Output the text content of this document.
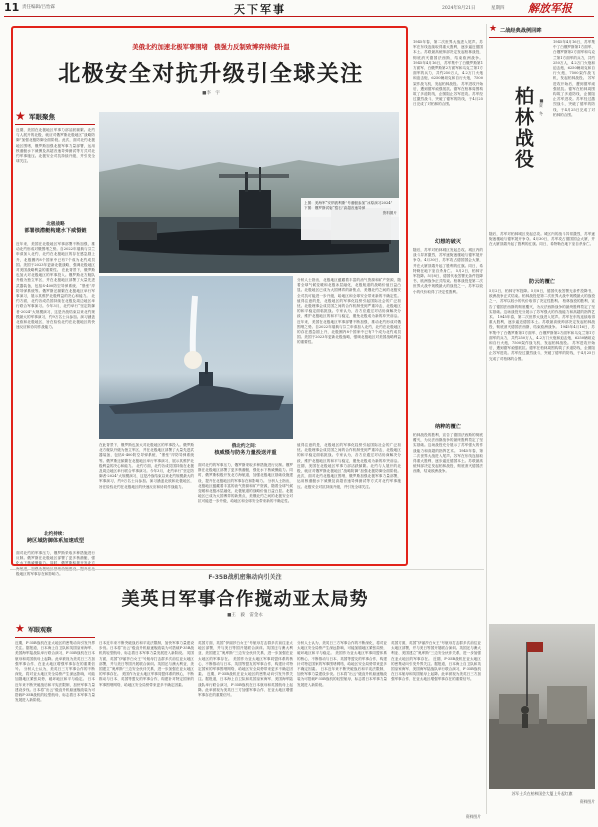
11 责任编辑/吕怡霖	天下军事	2024年8月21日	星期四 解放军报
美俄北约加速北极军事围堵　俄强力反制致博弈持续升温
北极安全对抗升级引全球关注
■李　宇
★ 军眼聚焦
近期，美国在北极地区军事力部活跃频繁。北约与人展开的北极，就应对俄罗斯北极地区“战略防御”加强北极防御全面阶段。此次，面对北约北极地区围堵，俄罗斯加强北极军事力量部署，运用核潜艇水下威慑及高超音速导弹测试等方式对北约军事施压。北极安全对抗持续升级，并引发全球关注。
北极战略
部署核潜艇构建水下威慑链
近年来，美国在北极地区军事部署不断加强，推动北约形成对俄围堵之势。自2022年瑞典与芬兰申请加入北约，北约在北极地区的存在感急剧上升，北极圈内8个国家中已有7个成为北约成员国。美国于2023年更新北极战略，强调北极地区对美国战略利益的重要性。 在此背景下，俄罗斯也加大对北极地区的军事投入。俄罗斯北方舰队升级为独立军区，并在北极地区部署了大量先进武器装备，包括S-400防空导弹系统、“堡垒”岸防导弹系统等。俄罗斯还频繁在北极地区举行军事演习，展示其维护北极利益的决心和能力。 北约方面，北约各成员国持续在北极及周边地区举行联合军事演习。今年3月，北约举行“坚定防御者-2024”大规模演习，这是冷战结束以来北约规模最大的军事演习，约9万名士兵参加。演习涵盖北欧和北极地区，旨在检验北约在北极地区的快速反应和协同作战能力。
北约持续：
跨区域防御体系加速成型
面对北约的军事压力，俄罗斯采取多种措施进行反制。俄罗斯在北极地区部署了更多核潜艇，强化水下核威慑能力。同时，俄罗斯积极开发北方 极地区的军事存在和影响力。
上图：美海军“安纳波利斯”号潜艇参加“冰原演习2024”
下图：俄罗斯试射“锆石”高超音速导弹
资料图片
分析人士指出，北极地区蕴藏着丰富的油气资源和矿产资源，随着全球气候变暖和北极冰层融化，北极航道的战略价值日益凸显。北极地区已成为大国博弈的新焦点，美俄北约之间的北极安全对抗可能进一步升级，给地区和全球安全带来新的不确定性。 值得注意的是，北极地区的军事化趋势引起国际社会的广泛担忧。北极理事会成员国之间的合作机制受到严重冲击，北极地区的和平稳定面临挑战。专家认为，各方应通过对话协商解决分歧，维护北极地区的和平与稳定，避免北极成为新的冲突前沿。 近年来，美国在北极地区军事部署不断加强，推动北约形成对俄围堵之势。自2022年瑞典与芬兰申请加入北约，北约在北极地区的存在感急剧上升，北极圈内8个国家中已有7个成为北约成员国。美国于2023年更新北极战略，强调北极地区对美国战略利益的重要性。
在此背景下，俄罗斯也加大对北极地区的军事投入。俄罗斯北方舰队升级为独立军区，并在北极地区部署了大量先进武器装备，包括S-400防空导弹系统、“堡垒”岸防导弹系统等。俄罗斯还频繁在北极地区举行军事演习，展示其维护北极利益的决心和能力。 北约方面，北约各成员国持续在北极及周边地区举行联合军事演习。今年3月，北约举行“坚定防御者-2024”大规模演习，这是冷战结束以来北约规模最大的军事演习，约9万名士兵参加。演习涵盖北欧和北极地区，旨在检验北约在北极地区的快速反应和协同作战能力。
俄北约之间：
核威慑与防务力量投送并重
面对北约的军事压力，俄罗斯采取多种措施进行反制。俄罗斯在北极地区部署了更多核潜艇，强化水下核威慑能力。同时，俄罗斯积极开发北方海航道，加强北极地区基础设施建设，提升在北极地区的军事存在和影响力。 分析人士指出，北极地区蕴藏着丰富的油气资源和矿产资源，随着全球气候变暖和北极冰层融化，北极航道的战略价值日益凸显。北极地区已成为大国博弈的新焦点，美俄北约之间的北极安全对抗可能进一步升级，给地区和全球安全带来新的不确定性。
值得注意的是，北极地区的军事化趋势引起国际社会的广泛担忧。北极理事会成员国之间的合作机制受到严重冲击，北极地区的和平稳定面临挑战。专家认为，各方应通过对话协商解决分歧，维护北极地区的和平与稳定，避免北极成为新的冲突前沿。 近期，美国在北极地区军事力部活跃频繁。北约与人展开的北极，就应对俄罗斯北极地区“战略防御”加强北极防御全面阶段。此次，面对北约北极地区围堵，俄罗斯加强北极军事力量部署，运用核潜艇水下威慑及高超音速导弹测试等方式对北约军事施压。北极安全对抗持续升级，并引发全球关注。
1945年春，第二次世界大战进入尾声。苏军在东线连续取得重大胜利，逐步逼近德国本土。苏联最高统帅部决定发起柏林战役，彻底消灭德国法西斯，结束欧洲战争。 1945年4月16日，苏军集中了白俄罗斯第1方面军、白俄罗斯第2方面军和乌克兰第1方面军的兵力，共约250万人，4.2万门火炮和迫击炮，6250辆坦克和自行火炮，7500架作战飞机，发起柏林战役。 苏军进攻开始后，遭到德军顽强抵抗。德军在柏林周围构筑了多道防线，企图阻止苏军进攻。苏军经过激烈战斗，突破了德军的防线，于4月25日完成了对柏林的合围。
幻想的破灭
随后，苏军对柏林城区发起总攻。城区内的战斗异常激烈，苏军逐街逐楼地与德军展开争夺。4月30日，苏军攻占德国国会大厦，并在大厦顶端升起了胜利的红旗。同日，希特勒在地下室自杀身亡。 5月2日，柏林守军投降。5月8日，德国代表签署无条件投降书，欧洲战争正式结束。柏林战役是第二次世界大战中规模最大的战役之一，苏军以较小的代价取得了决定性胜利。
纳粹的覆亡
柏林战役的胜利，宣告了德国法西斯的彻底覆灭，为反法西斯战争的最终胜利奠定了坚实基础。这场战役充分展示了苏军强大的作战能力和高超的指挥艺术。 1945年春，第二次世界大战进入尾声。苏军在东线连续取得重大胜利，逐步逼近德国本土。苏联最高统帅部决定发起柏林战役，彻底消灭德国法西斯，结束欧洲战争。
★ 二战经典战例回眸
柏林战役 ■夏　冬
1945年4月16日，苏军集中了白俄罗斯第1方面军、白俄罗斯第2方面军和乌克兰第1方面军的兵力，共约250万人，4.2万门火炮和迫击炮，6250辆坦克和自行火炮，7500架作战飞机，发起柏林战役。 苏军进攻开始后，遭到德军顽强抵抗。德军在柏林周围构筑了多道防线，企图阻止苏军进攻。苏军经过激烈战斗，突破了德军的防线，于4月25日完成了对柏林的合围。
随后，苏军对柏林城区发起总攻。城区内的战斗异常激烈，苏军逐街逐楼地与德军展开争夺。4月30日，苏军攻占德国国会大厦，并在大厦顶端升起了胜利的红旗。同日，希特勒在地下室自杀身亡。
防云的覆亡
5月2日，柏林守军投降。5月8日，德国代表签署无条件投降书，欧洲战争正式结束。柏林战役是第二次世界大战中规模最大的战役之一，苏军以较小的代价取得了决定性胜利。 柏林战役的胜利，宣告了德国法西斯的彻底覆灭，为反法西斯战争的最终胜利奠定了坚实基础。这场战役充分展示了苏军强大的作战能力和高超的指挥艺术。 1945年春，第二次世界大战进入尾声。苏军在东线连续取得重大胜利，逐步逼近德国本土。苏联最高统帅部决定发起柏林战役，彻底消灭德国法西斯，结束欧洲战争。 1945年4月16日，苏军集中了白俄罗斯第1方面军、白俄罗斯第2方面军和乌克兰第1方面军的兵力，共约250万人，4.2万门火炮和迫击炮，6250辆坦克和自行火炮，7500架作战飞机，发起柏林战役。 苏军进攻开始后，遭到德军顽强抵抗。德军在柏林周围构筑了多道防线，企图阻止苏军进攻。苏军经过激烈战斗，突破了德军的防线，于4月25日完成了对柏林的合围。
苏军士兵在柏林国会大厦上升起红旗
资料图片
F-35B战机密集动向引关注
美英日军事合作搅动亚太局势
■王　毅　雷金永
★ 军眼观察
近期，F-35B战机在亚太地区的密集动向引发外界关注。据报道，日本海上自卫队和英国皇家海军、美国海军陆战队举行联合演习，F-35B战机在日本航母和英国航母上起降。此举被视为美英日三方加强军事合作、在亚太地区增强军事存在的重要信号。 分析人士认为，美英日三方军事合作的不断深化，将对亚太地区安全局势产生深远影响，可能加剧地区紧张局势，破坏地区和平与稳定。 日本近年来不断突破战后和平宪法限制，加快军事力量建设步伐。日本将“出云”级直升机驱逐舰改装为可搭载F-35B战机的轻型航母，标志着日本军事力量发展进入新阶段。
日本近年来不断突破战后和平宪法限制，加快军事力量建设步伐。日本将“出云”级直升机驱逐舰改装为可搭载F-35B战机的轻型航母，标志着日本军事力量发展进入新阶段。 英国方面，英国“伊丽莎白女王”号航母打击群多次前往亚太地区部署，并与美日等国开展联合演训。英国还与澳大利亚、美国建立“奥库斯”三边安全伙伴关系，进一步加强在亚太地区的军事存在。 美国作为亚太地区军事同盟体系的核心，不断推动与日本、英国等盟友的军事合作，构建针对特定国家的军事围堵网络，给地区安全局势带来更多不确定因素。
英国方面，英国“伊丽莎白女王”号航母打击群多次前往亚太地区部署，并与美日等国开展联合演训。英国还与澳大利亚、美国建立“奥库斯”三边安全伙伴关系，进一步加强在亚太地区的军事存在。 美国作为亚太地区军事同盟体系的核心，不断推动与日本、英国等盟友的军事合作，构建针对特定国家的军事围堵网络，给地区安全局势带来更多不确定因素。 近期，F-35B战机在亚太地区的密集动向引发外界关注。据报道，日本海上自卫队和英国皇家海军、美国海军陆战队举行联合演习，F-35B战机在日本航母和英国航母上起降。此举被视为美英日三方加强军事合作、在亚太地区增强军事存在的重要信号。
分析人士认为，美英日三方军事合作的不断深化，将对亚太地区安全局势产生深远影响，可能加剧地区紧张局势，破坏地区和平与稳定。 美国作为亚太地区军事同盟体系的核心，不断推动与日本、英国等盟友的军事合作，构建针对特定国家的军事围堵网络，给地区安全局势带来更多不确定因素。 日本近年来不断突破战后和平宪法限制，加快军事力量建设步伐。日本将“出云”级直升机驱逐舰改装为可搭载F-35B战机的轻型航母，标志着日本军事力量发展进入新阶段。
英国方面，英国“伊丽莎白女王”号航母打击群多次前往亚太地区部署，并与美日等国开展联合演训。英国还与澳大利亚、美国建立“奥库斯”三边安全伙伴关系，进一步加强在亚太地区的军事存在。 近期，F-35B战机在亚太地区的密集动向引发外界关注。据报道，日本海上自卫队和英国皇家海军、美国海军陆战队举行联合演习，F-35B战机在日本航母和英国航母上起降。此举被视为美英日三方加强军事合作、在亚太地区增强军事存在的重要信号。
资料图片
